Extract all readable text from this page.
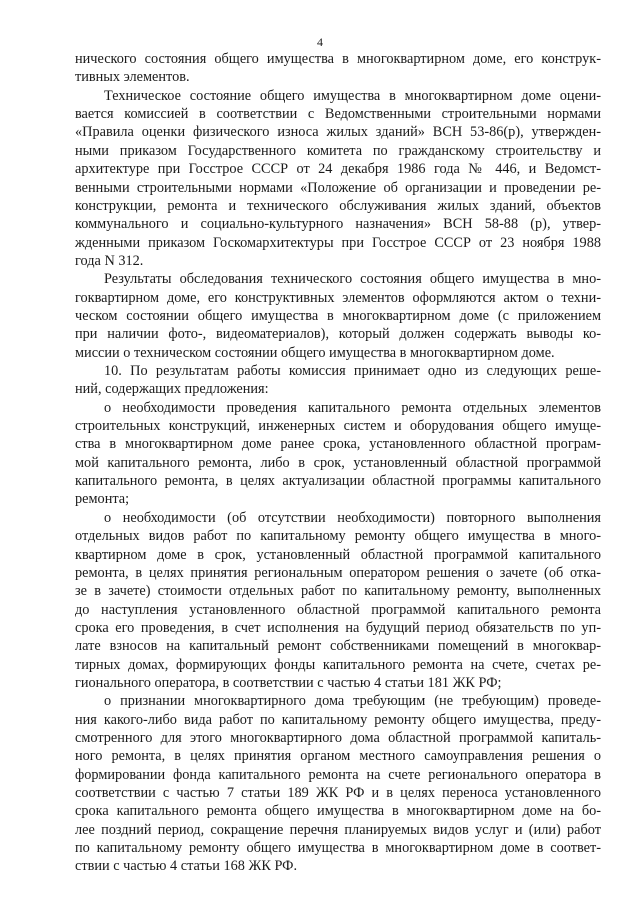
4
нического состояния общего имущества в многоквартирном доме, его конструк-
тивных элементов.
Техническое состояние общего имущества в многоквартирном доме оцени-
вается комиссией в соответствии с Ведомственными строительными нормами
«Правила оценки физического износа жилых зданий» ВСН 53-86(р), утвержден-
ными приказом Государственного комитета по гражданскому строительству и
архитектуре при Госстрое СССР от 24 декабря 1986 года № 446, и Ведомст-
венными строительными нормами «Положение об организации и проведении ре-
конструкции, ремонта и технического обслуживания жилых зданий, объектов
коммунального и социально-культурного назначения» ВСН 58-88 (р), утвер-
жденными приказом Госкомархитектуры при Госстрое СССР от 23 ноября 1988
года N 312.
Результаты обследования технического состояния общего имущества в мно-
гоквартирном доме, его конструктивных элементов оформляются актом о техни-
ческом состоянии общего имущества в многоквартирном доме (с приложением
при наличии фото-, видеоматериалов), который должен содержать выводы ко-
миссии о техническом состоянии общего имущества в многоквартирном доме.
10. По результатам работы комиссия принимает одно из следующих реше-
ний, содержащих предложения:
о необходимости проведения капитального ремонта отдельных элементов
строительных конструкций, инженерных систем и оборудования общего имуще-
ства в многоквартирном доме ранее срока, установленного областной програм-
мой капитального ремонта, либо в срок, установленный областной программой
капитального ремонта, в целях актуализации областной программы капитального
ремонта;
о необходимости (об отсутствии необходимости) повторного выполнения
отдельных видов работ по капитальному ремонту общего имущества в много-
квартирном доме в срок, установленный областной программой капитального
ремонта, в целях принятия региональным оператором решения о зачете (об отка-
зе в зачете) стоимости отдельных работ по капитальному ремонту, выполненных
до наступления установленного областной программой капитального ремонта
срока его проведения, в счет исполнения на будущий период обязательств по уп-
лате взносов на капитальный ремонт собственниками помещений в многоквар-
тирных домах, формирующих фонды капитального ремонта на счете, счетах ре-
гионального оператора, в соответствии с частью 4 статьи 181 ЖК РФ;
о признании многоквартирного дома требующим (не требующим) проведе-
ния какого-либо вида работ по капитальному ремонту общего имущества, преду-
смотренного для этого многоквартирного дома областной программой капиталь-
ного ремонта, в целях принятия органом местного самоуправления решения о
формировании фонда капитального ремонта на счете регионального оператора в
соответствии с частью 7 статьи 189 ЖК РФ и в целях переноса установленного
срока капитального ремонта общего имущества в многоквартирном доме на бо-
лее поздний период, сокращение перечня планируемых видов услуг и (или) работ
по капитальному ремонту общего имущества в многоквартирном доме в соответ-
ствии с частью 4 статьи 168 ЖК РФ.
